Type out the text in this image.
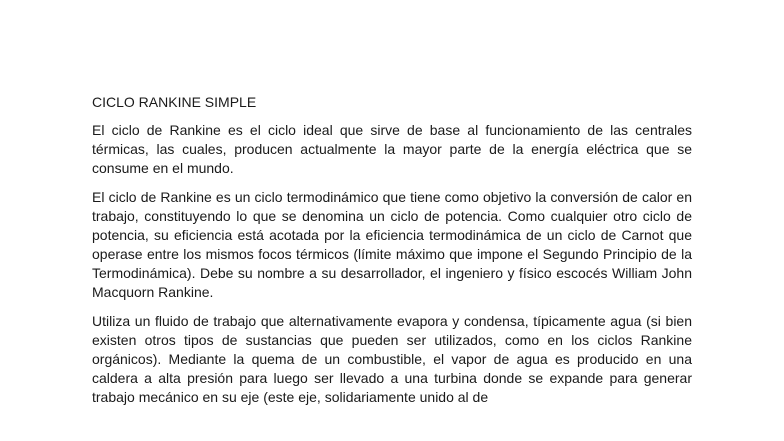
CICLO RANKINE SIMPLE

El ciclo de Rankine es el ciclo ideal que sirve de base al funcionamiento de las centrales térmicas, las cuales, producen actualmente la mayor parte de la energía eléctrica que se consume en el mundo.

El ciclo de Rankine es un ciclo termodinámico que tiene como objetivo la conversión de calor en trabajo, constituyendo lo que se denomina un ciclo de potencia. Como cualquier otro ciclo de potencia, su eficiencia está acotada por la eficiencia termodinámica de un ciclo de Carnot que operase entre los mismos focos térmicos (límite máximo que impone el Segundo Principio de la Termodinámica). Debe su nombre a su desarrollador, el ingeniero y físico escocés William John Macquorn Rankine.

Utiliza un fluido de trabajo que alternativamente evapora y condensa, típicamente agua (si bien existen otros tipos de sustancias que pueden ser utilizados, como en los ciclos Rankine orgánicos). Mediante la quema de un combustible, el vapor de agua es producido en una caldera a alta presión para luego ser llevado a una turbina donde se expande para generar trabajo mecánico en su eje (este eje, solidariamente unido al de
